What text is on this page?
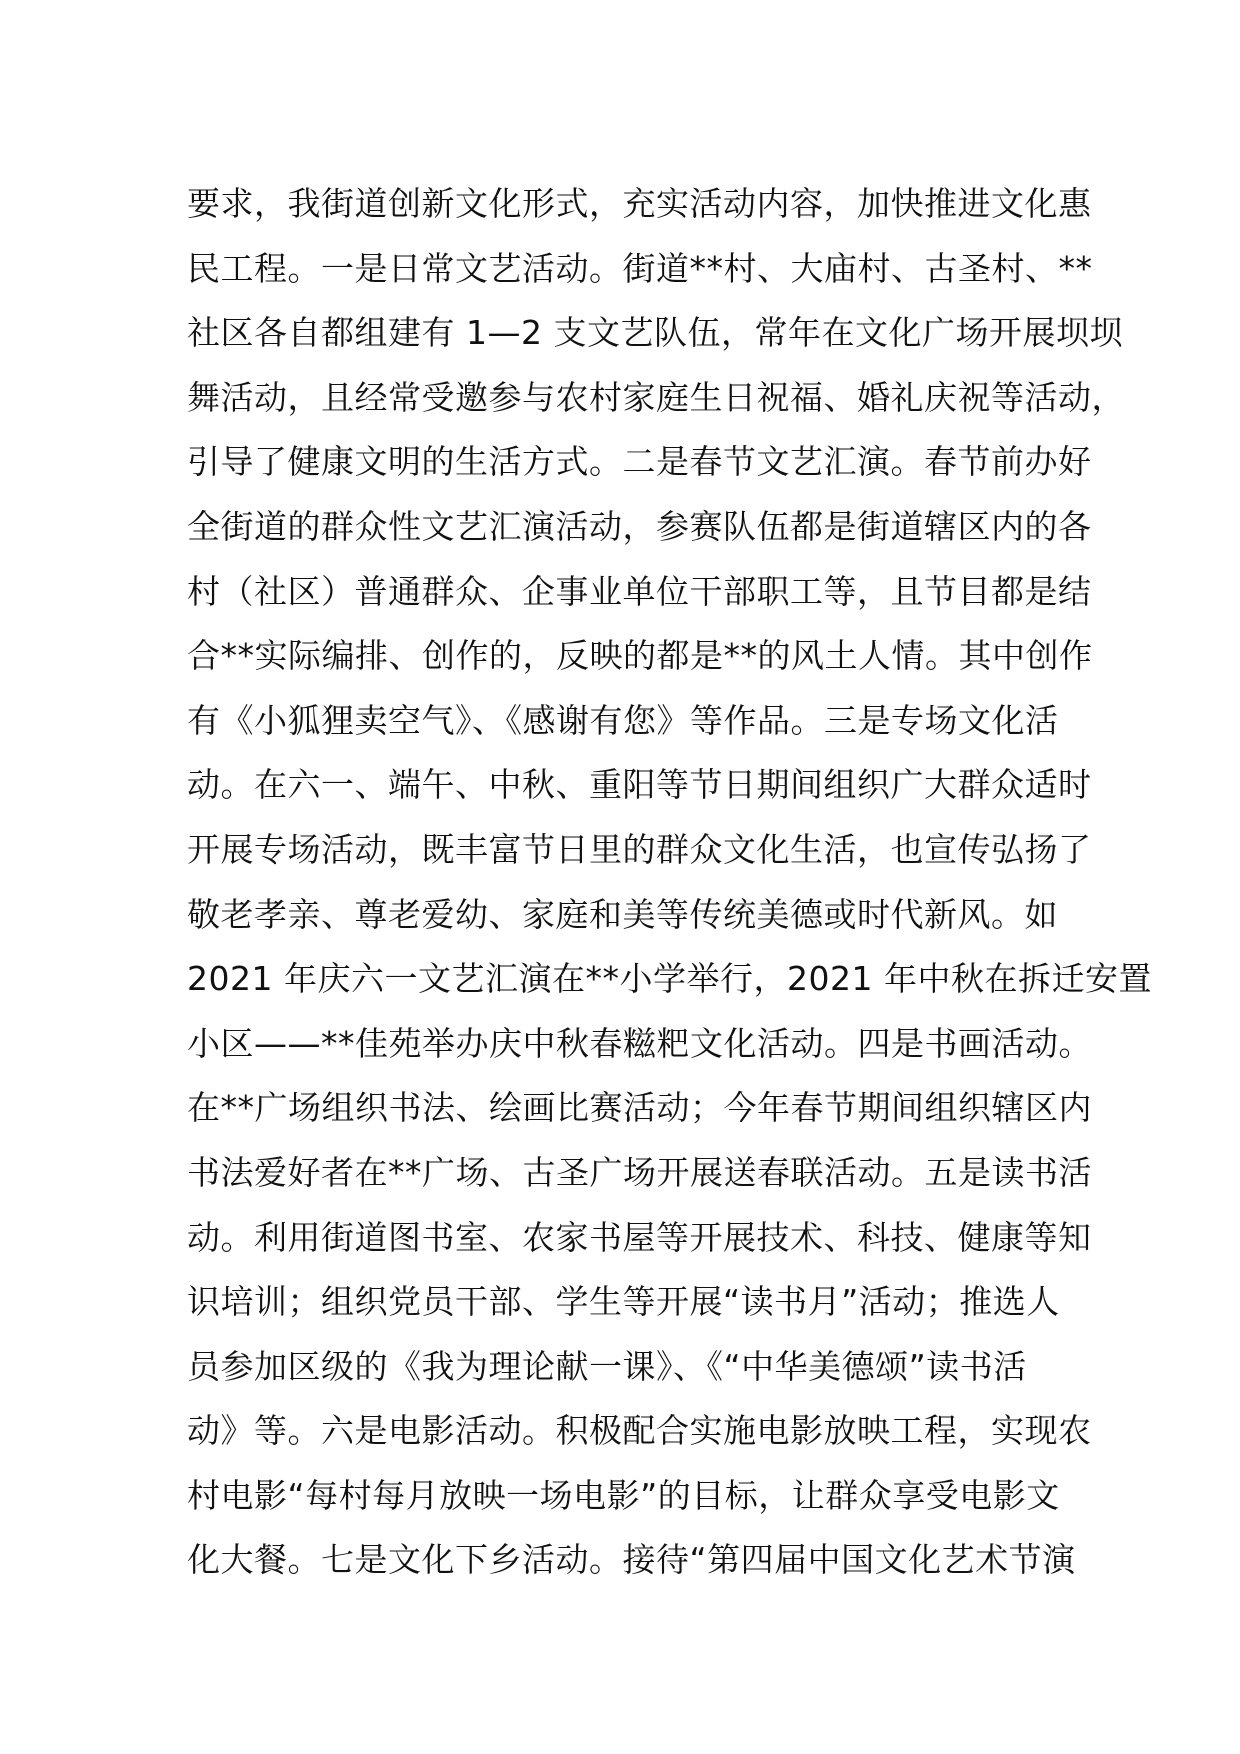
要求，我街道创新文化形式，充实活动内容，加快推进文化惠
民工程。一是日常文艺活动。街道**村、大庙村、古圣村、**
社区各自都组建有 1—2 支文艺队伍，常年在文化广场开展坝坝
舞活动，且经常受邀参与农村家庭生日祝福、婚礼庆祝等活动，
引导了健康文明的生活方式。二是春节文艺汇演。春节前办好
全街道的群众性文艺汇演活动，参赛队伍都是街道辖区内的各
村（社区）普通群众、企事业单位干部职工等，且节目都是结
合**实际编排、创作的，反映的都是**的风土人情。其中创作
有《小狐狸卖空气》、《感谢有您》等作品。三是专场文化活
动。在六一、端午、中秋、重阳等节日期间组织广大群众适时
开展专场活动，既丰富节日里的群众文化生活，也宣传弘扬了
敬老孝亲、尊老爱幼、家庭和美等传统美德或时代新风。如
2021 年庆六一文艺汇演在**小学举行，2021 年中秋在拆迁安置
小区——**佳苑举办庆中秋春糍粑文化活动。四是书画活动。
在**广场组织书法、绘画比赛活动；今年春节期间组织辖区内
书法爱好者在**广场、古圣广场开展送春联活动。五是读书活
动。利用街道图书室、农家书屋等开展技术、科技、健康等知
识培训；组织党员干部、学生等开展“读书月”活动；推选人
员参加区级的《我为理论献一课》、《“中华美德颂”读书活
动》等。六是电影活动。积极配合实施电影放映工程，实现农
村电影“每村每月放映一场电影”的目标，让群众享受电影文
化大餐。七是文化下乡活动。接待“第四届中国文化艺术节演
